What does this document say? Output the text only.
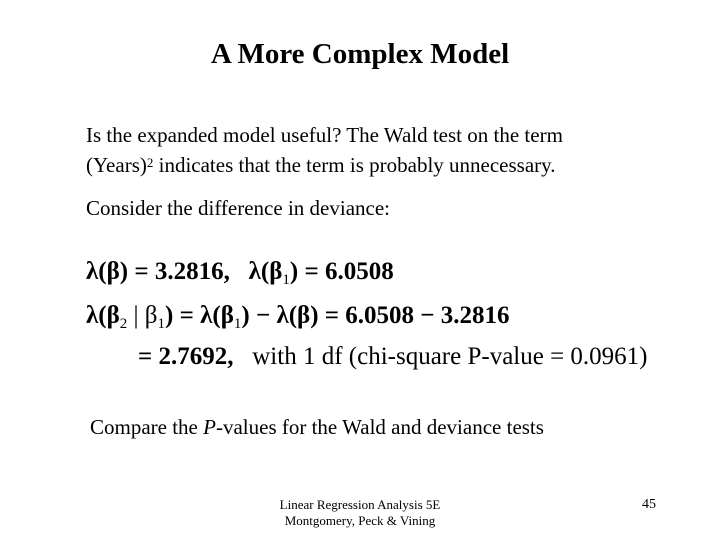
A More Complex Model
Is the expanded model useful? The Wald test on the term
(Years)$^2$ indicates that the term is probably unnecessary.
Consider the difference in deviance:
λ(β) = 3.2816, $\lambda(\beta_1) = 6.0508$
$\lambda(\beta_2$ | $\beta_1) = \lambda(\beta_1) - \lambda(\beta) = 6.0508 - 3.2816$
= 2.7692, with 1 df (chi-square P-value = 0.0961)
Compare the P-values for the Wald and deviance tests
Linear Regression Analysis 5E
Montgomery, Peck & Vining
45
